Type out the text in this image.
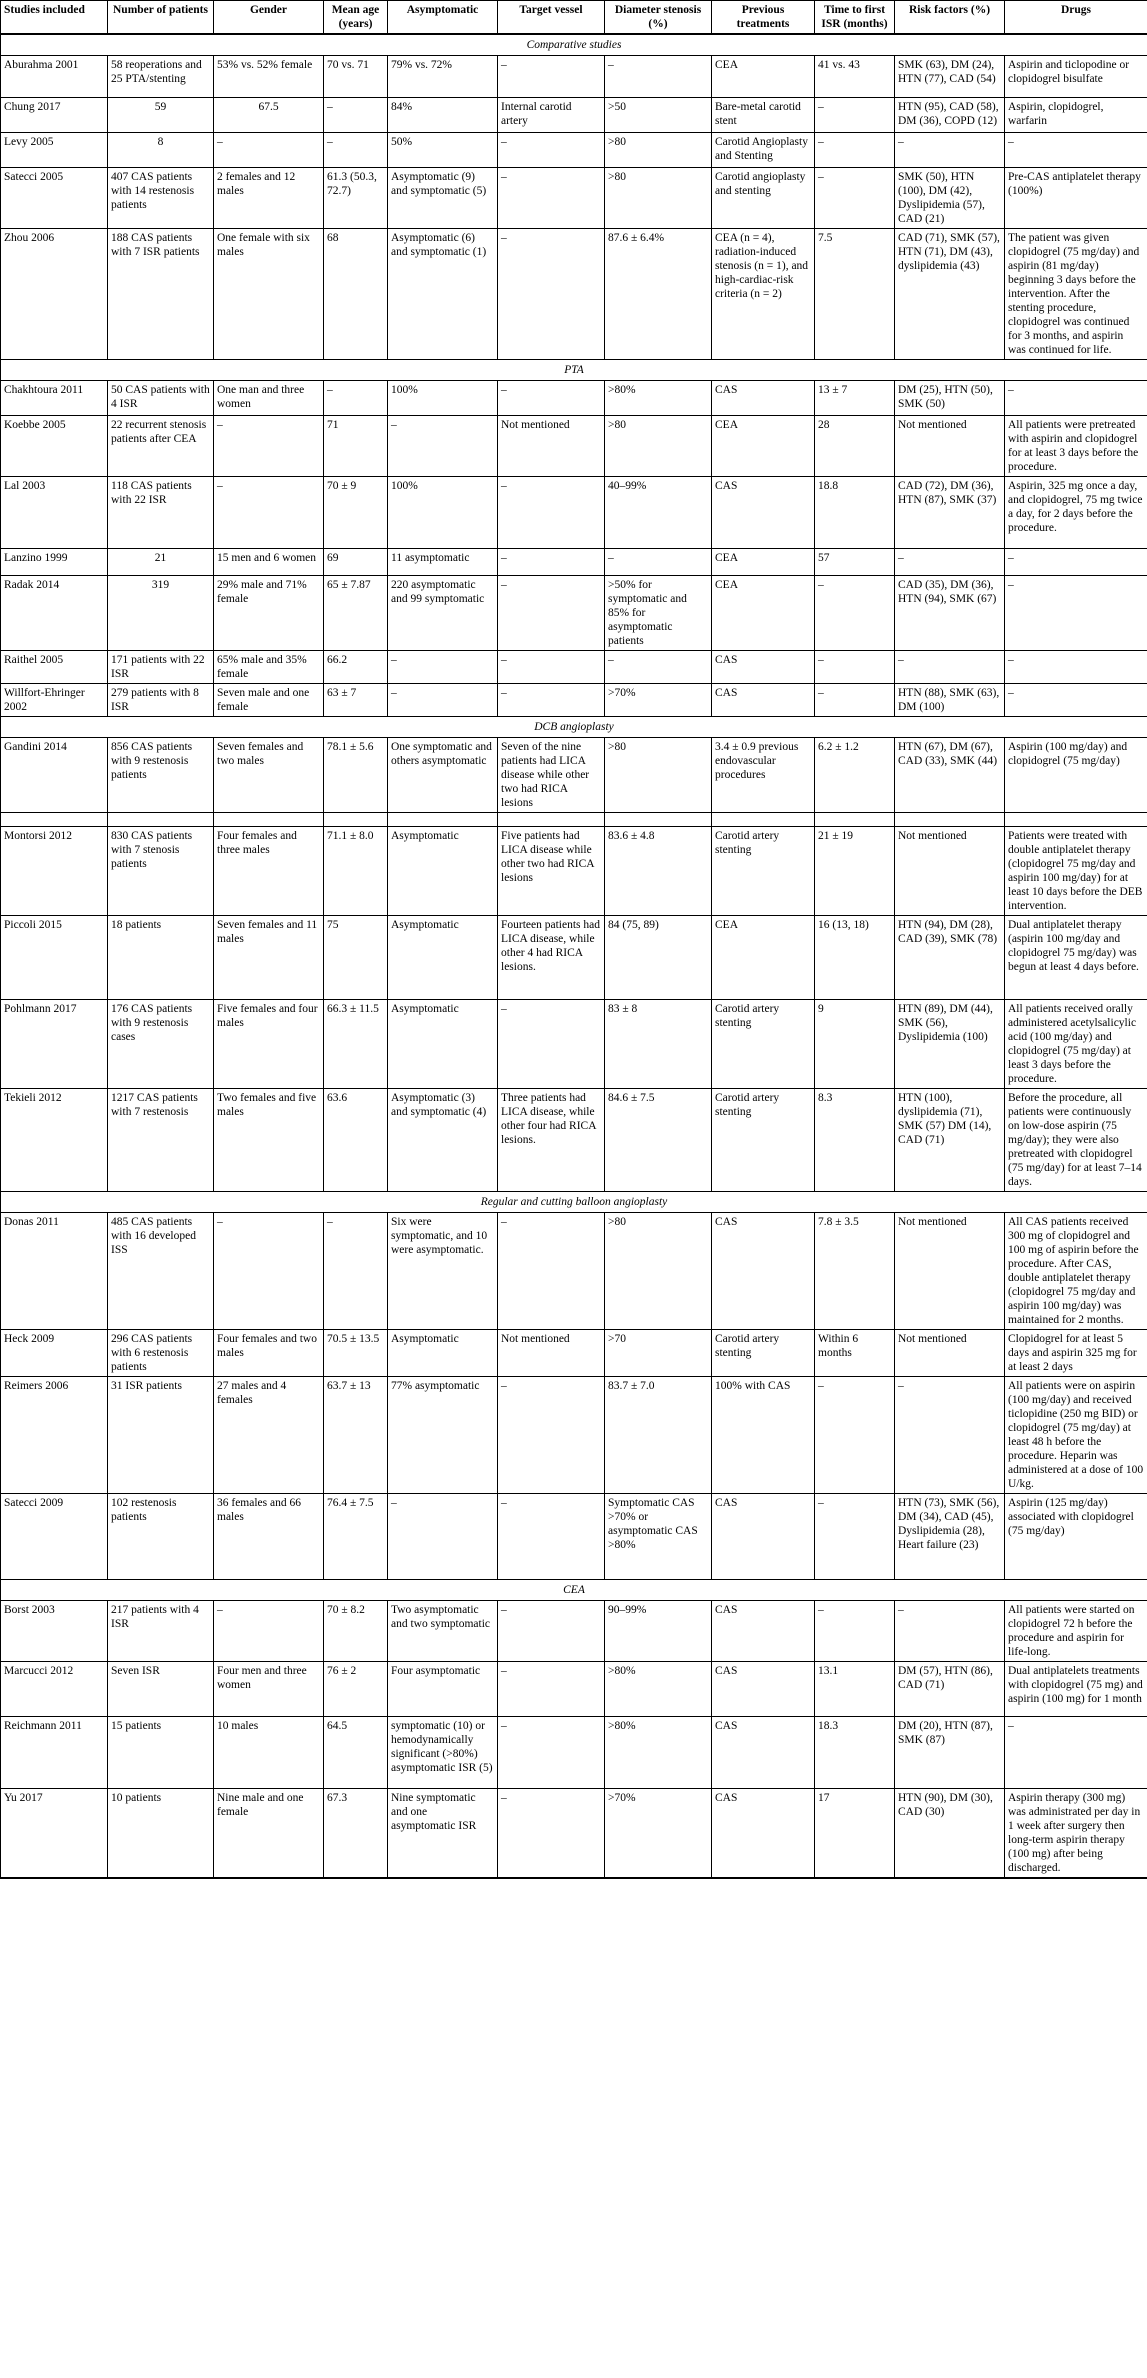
Studies included	Number of patients	Gender	Mean age (years)	Asymptomatic	Target vessel	Diameter stenosis (%)	Previous treatments	Time to first ISR (months)	Risk factors (%)	Drugs
Comparative studies										
Aburahma 2001	58 reoperations and 25 PTA/stenting	53% vs. 52% female	70 vs. 71	79% vs. 72%	–	–	CEA	41 vs. 43	SMK (63), DM (24), HTN (77), CAD (54)	Aspirin and ticlopodine or clopidogrel bisulfate
Chung 2017	59	67.5	–	84%	Internal carotid artery	>50	Bare-metal carotid stent	–	HTN (95), CAD (58), DM (36), COPD (12)	Aspirin, clopidogrel, warfarin
Levy 2005	8	–	–	50%	–	>80	Carotid Angioplasty and Stenting	–	–	–
Satecci 2005	407 CAS patients with 14 restenosis patients	2 females and 12 males	61.3 (50.3, 72.7)	Asymptomatic (9) and symptomatic (5)	–	>80	Carotid angioplasty and stenting	–	SMK (50), HTN (100), DM (42), Dyslipidemia (57), CAD (21)	Pre-CAS antiplatelet therapy (100%)
Zhou 2006	188 CAS patients with 7 ISR patients	One female with six males	68	Asymptomatic (6) and symptomatic (1)	–	87.6 ± 6.4%	CEA (n = 4), radiation-induced stenosis (n = 1), and high-cardiac-risk criteria (n = 2)	7.5	CAD (71), SMK (57), HTN (71), DM (43), dyslipidemia (43)	The patient was given clopidogrel (75 mg/day) and aspirin (81 mg/day) beginning 3 days before the intervention. After the stenting procedure, clopidogrel was continued for 3 months, and aspirin was continued for life.
PTA										
Chakhtoura 2011	50 CAS patients with 4 ISR	One man and three women	–	100%	–	>80%	CAS	13 ± 7	DM (25), HTN (50), SMK (50)	–
Koebbe 2005	22 recurrent stenosis patients after CEA	–	71	–	Not mentioned	>80	CEA	28	Not mentioned	All patients were pretreated with aspirin and clopidogrel for at least 3 days before the procedure.
Lal 2003	118 CAS patients with 22 ISR	–	70 ± 9	100%	–	40–99%	CAS	18.8	CAD (72), DM (36), HTN (87), SMK (37)	Aspirin, 325 mg once a day, and clopidogrel, 75 mg twice a day, for 2 days before the procedure.
Lanzino 1999	21	15 men and 6 women	69	11 asymptomatic	–	–	CEA	57	–	–
Radak 2014	319	29% male and 71% female	65 ± 7.87	220 asymptomatic and 99 symptomatic	–	>50% for symptomatic and 85% for asymptomatic patients	CEA	–	CAD (35), DM (36), HTN (94), SMK (67)	–
Raithel 2005	171 patients with 22 ISR	65% male and 35% female	66.2	–	–	–	CAS	–	–	–
Willfort-Ehringer 2002	279 patients with 8 ISR	Seven male and one female	63 ± 7	–	–	>70%	CAS	–	HTN (88), SMK (63), DM (100)	–
DCB angioplasty										
Gandini 2014	856 CAS patients with 9 restenosis patients	Seven females and two males	78.1 ± 5.6	One symptomatic and others asymptomatic	Seven of the nine patients had LICA disease while other two had RICA lesions	>80	3.4 ± 0.9 previous endovascular procedures	6.2 ± 1.2	HTN (67), DM (67), CAD (33), SMK (44)	Aspirin (100 mg/day) and clopidogrel (75 mg/day)

Montorsi 2012	830 CAS patients with 7 stenosis patients	Four females and three males	71.1 ± 8.0	Asymptomatic	Five patients had LICA disease while other two had RICA lesions	83.6 ± 4.8	Carotid artery stenting	21 ± 19	Not mentioned	Patients were treated with double antiplatelet therapy (clopidogrel 75 mg/day and aspirin 100 mg/day) for at least 10 days before the DEB intervention.
Piccoli 2015	18 patients	Seven females and 11 males	75	Asymptomatic	Fourteen patients had LICA disease, while other 4 had RICA lesions.	84 (75, 89)	CEA	16 (13, 18)	HTN (94), DM (28), CAD (39), SMK (78)	Dual antiplatelet therapy (aspirin 100 mg/day and clopidogrel 75 mg/day) was begun at least 4 days before.
Pohlmann 2017	176 CAS patients with 9 restenosis cases	Five females and four males	66.3 ± 11.5	Asymptomatic	–	83 ± 8	Carotid artery stenting	9	HTN (89), DM (44), SMK (56), Dyslipidemia (100)	All patients received orally administered acetylsalicylic acid (100 mg/day) and clopidogrel (75 mg/day) at least 3 days before the procedure.
Tekieli 2012	1217 CAS patients with 7 restenosis	Two females and five males	63.6	Asymptomatic (3) and symptomatic (4)	Three patients had LICA disease, while other four had RICA lesions.	84.6 ± 7.5	Carotid artery stenting	8.3	HTN (100), dyslipidemia (71), SMK (57) DM (14), CAD (71)	Before the procedure, all patients were continuously on low-dose aspirin (75 mg/day); they were also pretreated with clopidogrel (75 mg/day) for at least 7–14 days.
Regular and cutting balloon angioplasty										
Donas 2011	485 CAS patients with 16 developed ISS	–	–	Six were symptomatic, and 10 were asymptomatic.	–	>80	CAS	7.8 ± 3.5	Not mentioned	All CAS patients received 300 mg of clopidogrel and 100 mg of aspirin before the procedure. After CAS, double antiplatelet therapy (clopidogrel 75 mg/day and aspirin 100 mg/day) was maintained for 2 months.
Heck 2009	296 CAS patients with 6 restenosis patients	Four females and two males	70.5 ± 13.5	Asymptomatic	Not mentioned	>70	Carotid artery stenting	Within 6 months	Not mentioned	Clopidogrel for at least 5 days and aspirin 325 mg for at least 2 days
Reimers 2006	31 ISR patients	27 males and 4 females	63.7 ± 13	77% asymptomatic	–	83.7 ± 7.0	100% with CAS	–	–	All patients were on aspirin (100 mg/day) and received ticlopidine (250 mg BID) or clopidogrel (75 mg/day) at least 48 h before the procedure. Heparin was administered at a dose of 100 U/kg.
Satecci 2009	102 restenosis patients	36 females and 66 males	76.4 ± 7.5	–	–	Symptomatic CAS >70% or asymptomatic CAS >80%	CAS	–	HTN (73), SMK (56), DM (34), CAD (45), Dyslipidemia (28), Heart failure (23)	Aspirin (125 mg/day) associated with clopidogrel (75 mg/day)
CEA										
Borst 2003	217 patients with 4 ISR	–	70 ± 8.2	Two asymptomatic and two symptomatic	–	90–99%	CAS	–	–	All patients were started on clopidogrel 72 h before the procedure and aspirin for life-long.
Marcucci 2012	Seven ISR	Four men and three women	76 ± 2	Four asymptomatic	–	>80%	CAS	13.1	DM (57), HTN (86), CAD (71)	Dual antiplatelets treatments with clopidogrel (75 mg) and aspirin (100 mg) for 1 month
Reichmann 2011	15 patients	10 males	64.5	symptomatic (10) or hemodynamically significant (>80%) asymptomatic ISR (5)	–	>80%	CAS	18.3	DM (20), HTN (87), SMK (87)	–
Yu 2017	10 patients	Nine male and one female	67.3	Nine symptomatic and one asymptomatic ISR	–	>70%	CAS	17	HTN (90), DM (30), CAD (30)	Aspirin therapy (300 mg) was administrated per day in 1 week after surgery then long-term aspirin therapy (100 mg) after being discharged.
